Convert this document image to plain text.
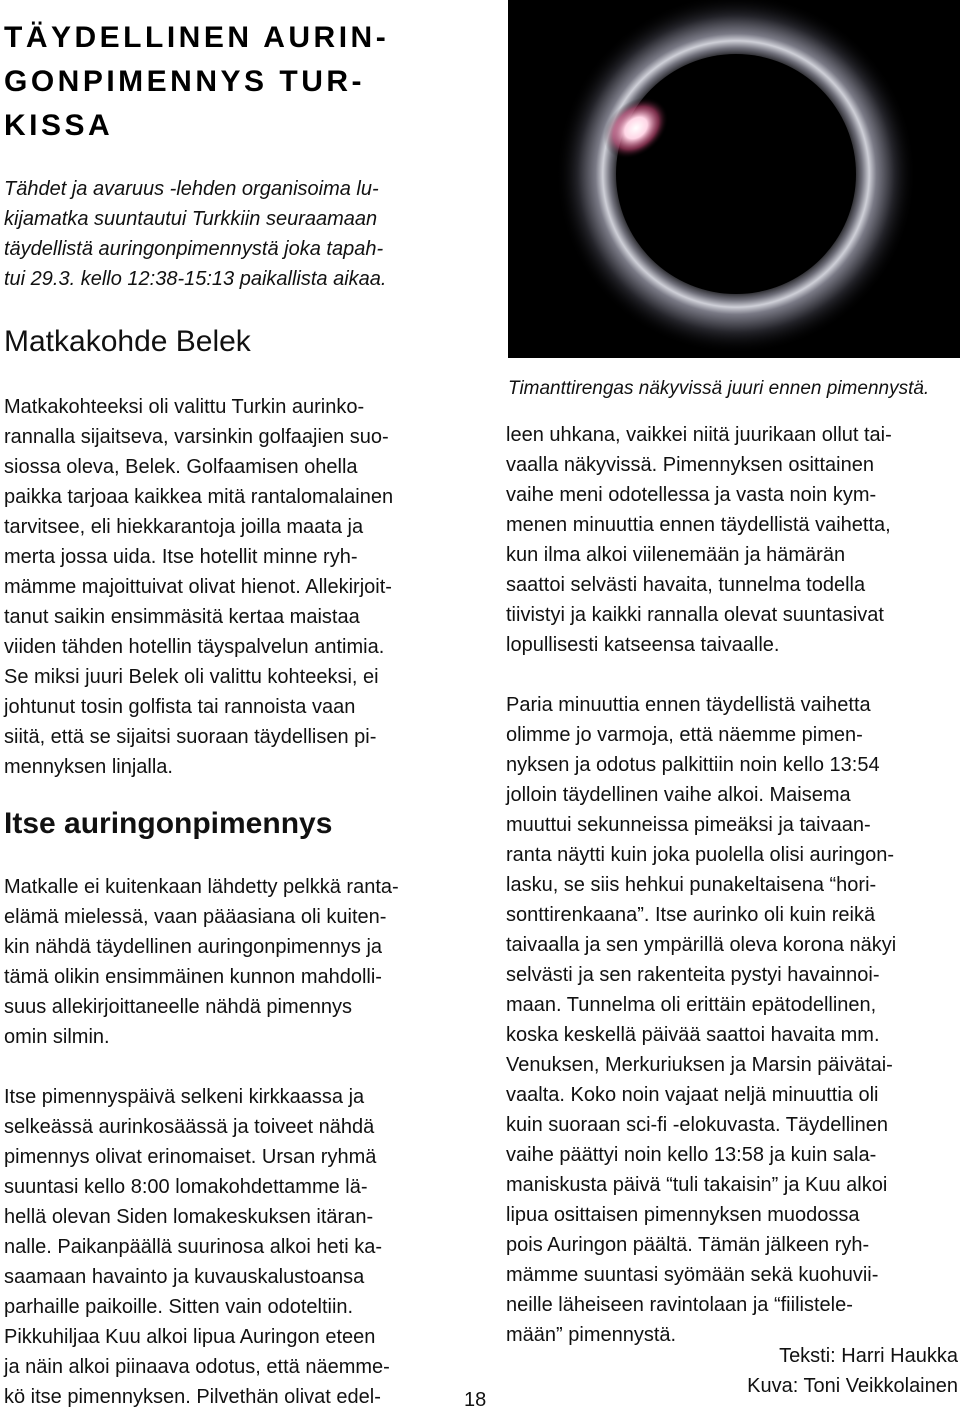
TÄYDELLINEN AURIN-
GONPIMENNYS TUR-
KISSA

Tähdet ja avaruus -lehden organisoima lu-
kijamatka suuntautui Turkkiin seuraamaan
täydellistä auringonpimennystä joka tapah-
tui 29.3. kello 12:38-15:13 paikallista aikaa.

Matkakohde Belek

Matkakohteeksi oli valittu Turkin aurinko-
rannalla sijaitseva, varsinkin golfaajien suo-
siossa oleva, Belek. Golfaamisen ohella
paikka tarjoaa kaikkea mitä rantalomalainen
tarvitsee, eli hiekkarantoja joilla maata ja
merta jossa uida. Itse hotellit minne ryh-
mämme majoittuivat olivat hienot. Allekirjoit-
tanut saikin ensimmäsitä kertaa maistaa
viiden tähden hotellin täyspalvelun antimia.
Se miksi juuri Belek oli valittu kohteeksi, ei
johtunut tosin golfista tai rannoista vaan
siitä, että se sijaitsi suoraan täydellisen pi-
mennyksen linjalla.

Itse auringonpimennys

Matkalle ei kuitenkaan lähdetty pelkkä ranta-
elämä mielessä, vaan pääasiana oli kuiten-
kin nähdä täydellinen auringonpimennys ja
tämä olikin ensimmäinen kunnon mahdolli-
suus allekirjoittaneelle nähdä pimennys
omin silmin.

Itse pimennyspäivä selkeni kirkkaassa ja
selkeässä aurinkosäässä ja toiveet nähdä
pimennys olivat erinomaiset. Ursan ryhmä
suuntasi kello 8:00 lomakohdettamme lä-
hellä olevan Siden lomakeskuksen itäran-
nalle. Paikanpäällä suurinosa alkoi heti ka-
saamaan havainto ja kuvauskalustoansa
parhaille paikoille. Sitten vain odoteltiin.
Pikkuhiljaa Kuu alkoi lipua Auringon eteen
ja näin alkoi piinaava odotus, että näemme-
kö itse pimennyksen. Pilvethän olivat edel-	18

Timanttirengas näkyvissä juuri ennen pimennystä.

leen uhkana, vaikkei niitä juurikaan ollut tai-
vaalla näkyvissä. Pimennyksen osittainen
vaihe meni odotellessa ja vasta noin kym-
menen minuuttia ennen täydellistä vaihetta,
kun ilma alkoi viilenemään ja hämärän
saattoi selvästi havaita, tunnelma todella
tiivistyi ja kaikki rannalla olevat suuntasivat
lopullisesti katseensa taivaalle.

Paria minuuttia ennen täydellistä vaihetta
olimme jo varmoja, että näemme pimen-
nyksen ja odotus palkittiin noin kello 13:54
jolloin täydellinen vaihe alkoi. Maisema
muuttui sekunneissa pimeäksi ja taivaan-
ranta näytti kuin joka puolella olisi auringon-
lasku, se siis hehkui punakeltaisena “hori-
sonttirenkaana”. Itse aurinko oli kuin reikä
taivaalla ja sen ympärillä oleva korona näkyi
selvästi ja sen rakenteita pystyi havainnoi-
maan. Tunnelma oli erittäin epätodellinen,
koska keskellä päivää saattoi havaita mm.
Venuksen, Merkuriuksen ja Marsin päivätai-
vaalta. Koko noin vajaat neljä minuuttia oli
kuin suoraan sci-fi -elokuvasta. Täydellinen
vaihe päättyi noin kello 13:58 ja kuin sala-
maniskusta päivä “tuli takaisin” ja Kuu alkoi
lipua osittaisen pimennyksen muodossa
pois Auringon päältä. Tämän jälkeen ryh-
mämme suuntasi syömään sekä kuohuvii-
neille läheiseen ravintolaan ja “fiilistele-
mään” pimennystä.

Teksti: Harri Haukka

Kuva: Toni Veikkolainen
